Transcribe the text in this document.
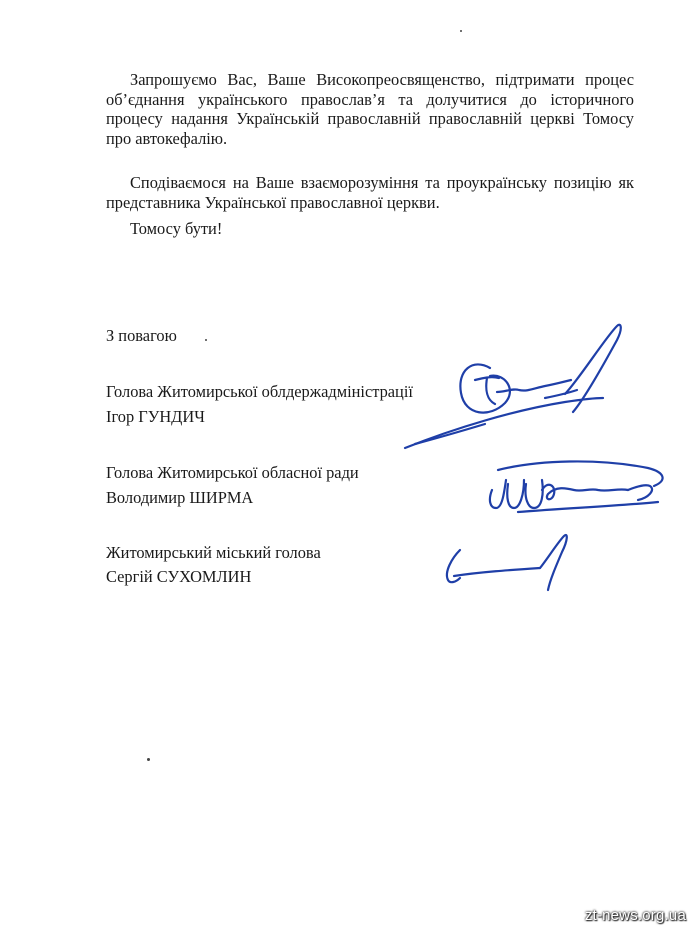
Запрошуємо Вас, Ваше Високопреосвященство, підтримати процес об’єднання українського православ’я та долучитися до історичного процесу надання Українській православній православній церкві Томосу про автокефалію.

Сподіваємося на Ваше взаєморозуміння та проукраїнську позицію як представника Української православної церкви.

Томосу бути!

З повагою
Голова Житомирської облдержадміністрації
Ігор ГУНДИЧ
Голова Житомирської обласної ради
Володимир ШИРМА
Житомирський міський голова
Сергій СУХОМЛИН
zt-news.org.ua
